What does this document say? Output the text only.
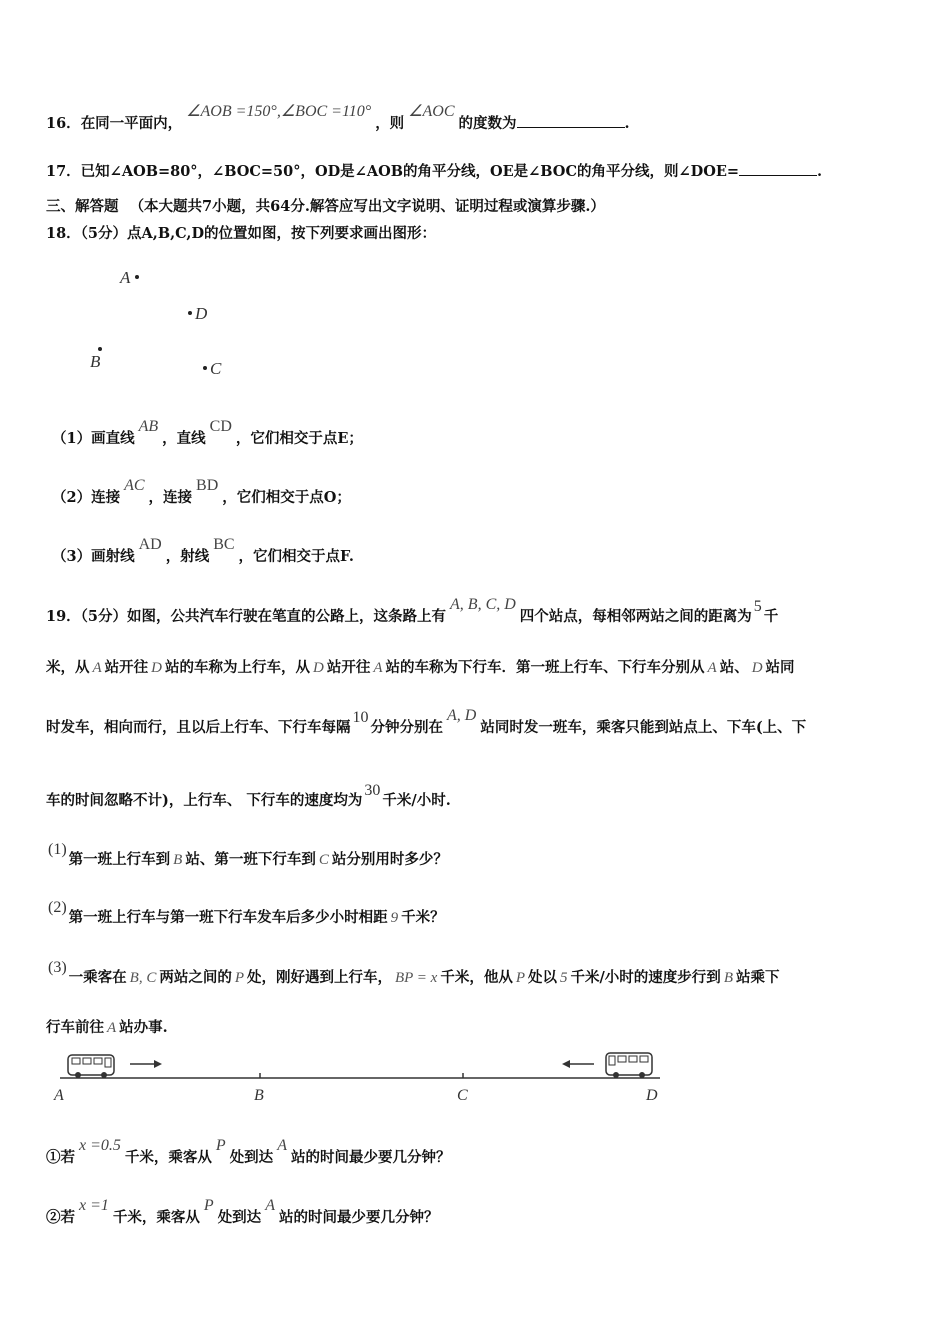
16．在同一平面内，∠AOB =150°,∠BOC =110°，则∠AOC的度数为	.
17．已知∠AOB=80°，∠BOC=50°，OD是∠AOB的角平分线，OE是∠BOC的角平分线，则∠DOE=	.
三、解答题 （本大题共7小题，共64分.解答应写出文字说明、证明过程或演算步骤.）
18．（5分）点A,B,C,D的位置如图，按下列要求画出图形：
A
D
B	C
（1）画直线AB，直线CD，它们相交于点E；
（2）连接AC，连接BD，它们相交于点O；
（3）画射线AD，射线BC，它们相交于点F.
19．（5分）如图，公共汽车行驶在笔直的公路上，这条路上有A, B, C, D四个站点，每相邻两站之间的距离为5千
米，从 A 站开往 D 站的车称为上行车，从 D 站开往 A 站的车称为下行车．第一班上行车、下行车分别从 A 站、 D 站同
时发车，相向而行，且以后上行车、下行车每隔10分钟分别在A, D站同时发一班车，乘客只能到站点上、下车(上、下
车的时间忽略不计)，上行车、 下行车的速度均为30千米/小时.
(1)第一班上行车到 B 站、第一班下行车到 C 站分别用时多少？
(2)第一班上行车与第一班下行车发车后多少小时相距 9 千米？
(3)一乘客在 B, C 两站之间的 P 处，刚好遇到上行车， BP = x 千米，他从 P 处以 5 千米/小时的速度步行到 B 站乘下
行车前往 A 站办事.
A	B	C	D
①若x =0.5千米，乘客从P处到达A站的时间最少要几分钟？
②若x =1千米，乘客从P处到达A站的时间最少要几分钟？
